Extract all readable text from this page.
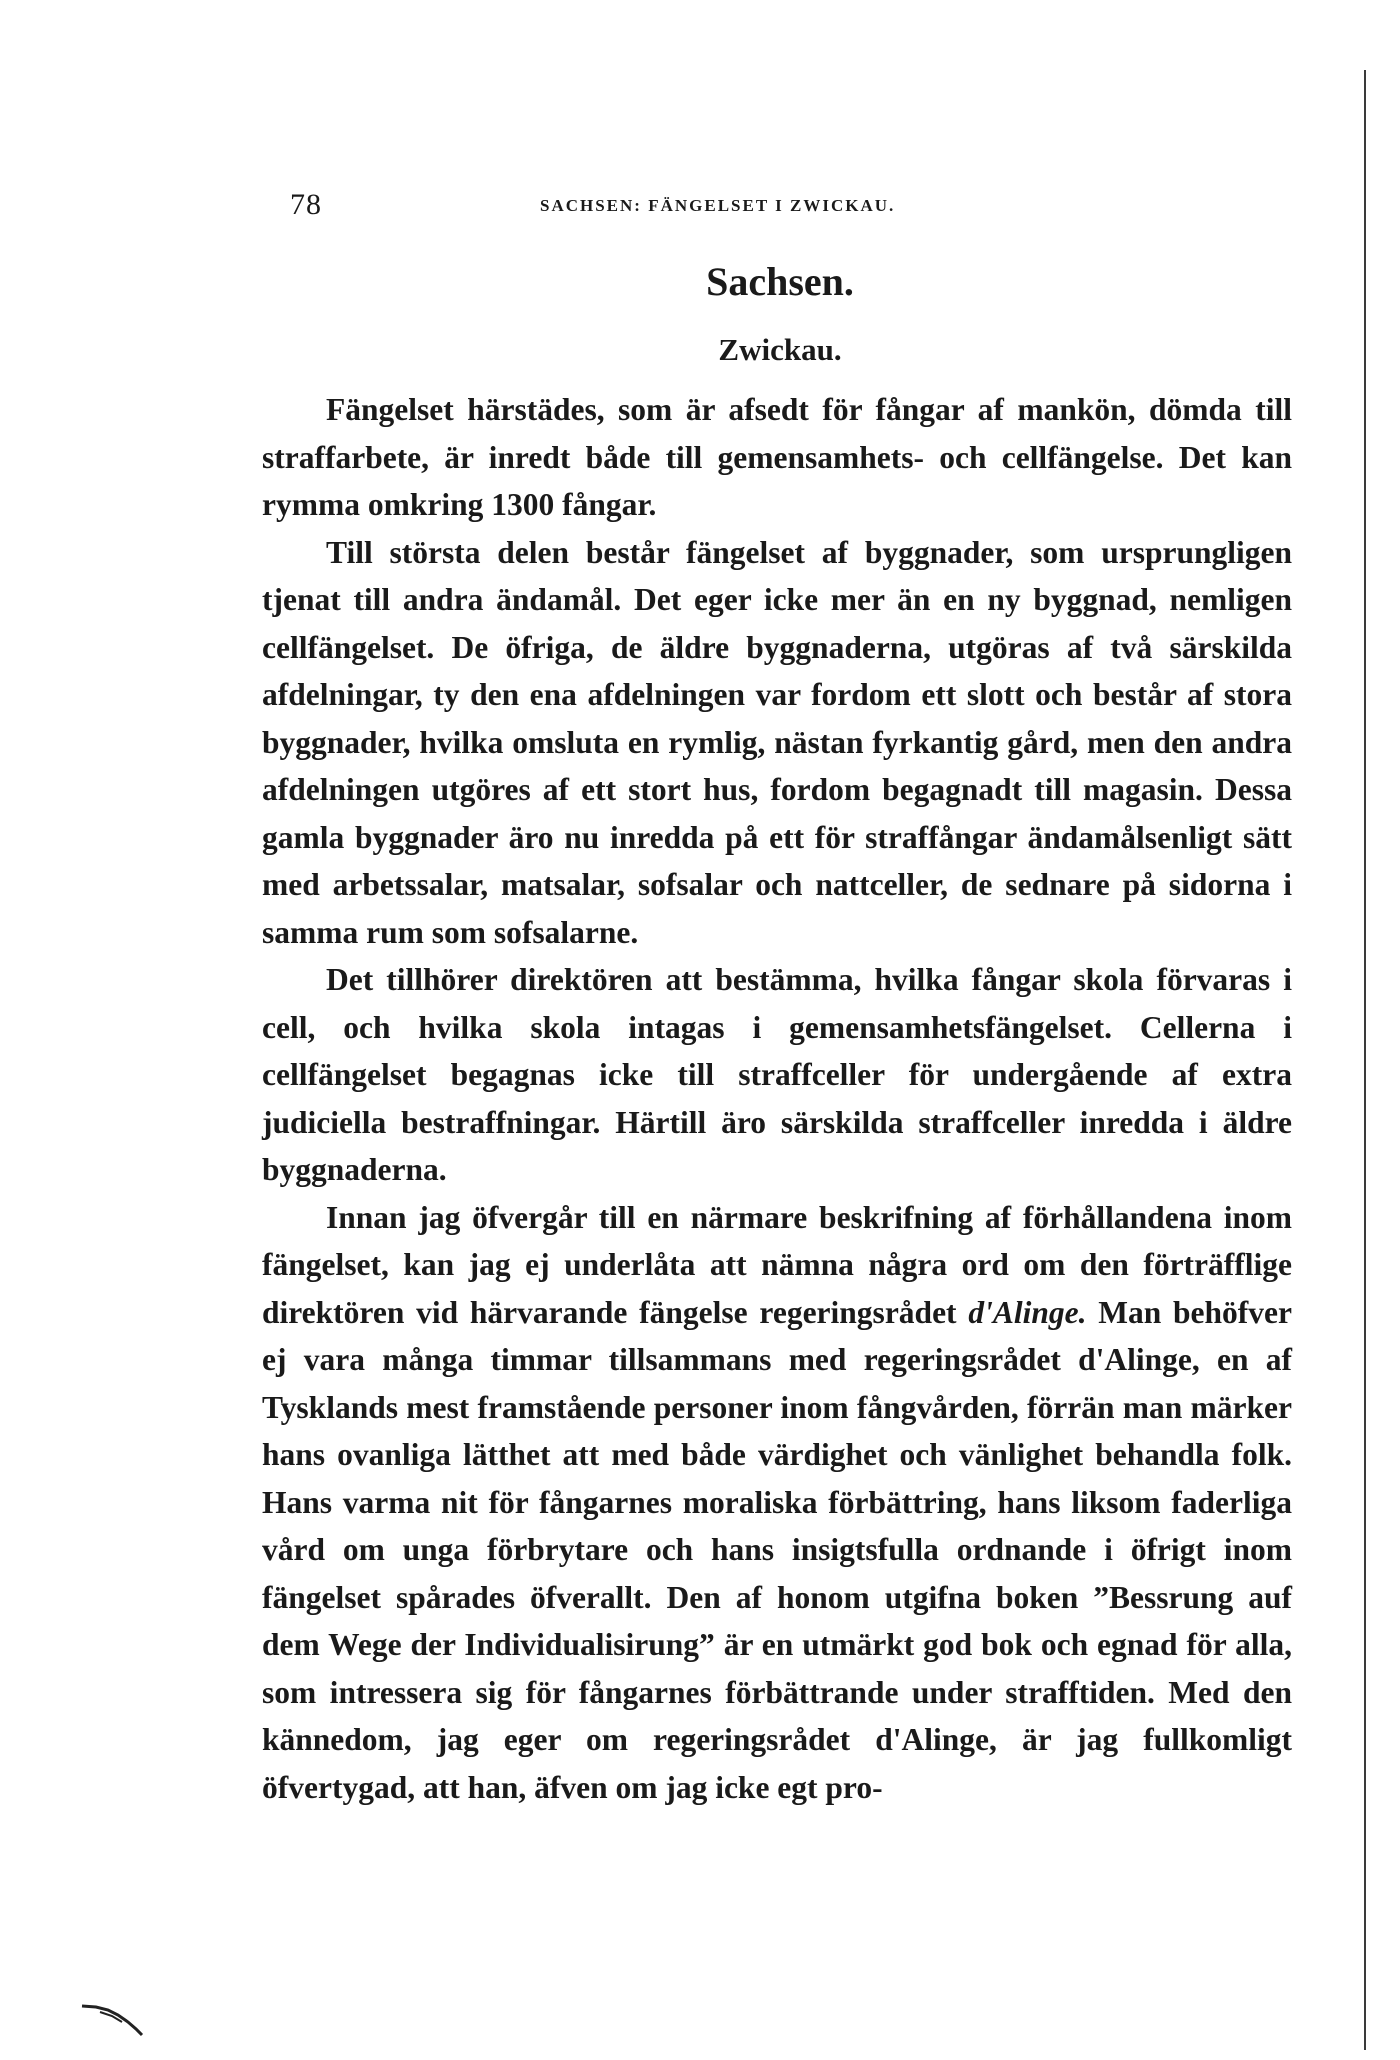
78	SACHSEN: FÄNGELSET I ZWICKAU.
Sachsen.
Zwickau.

Fängelset härstädes, som är afsedt för fångar af mankön, dömda till straffarbete, är inredt både till gemensamhets- och cellfängelse. Det kan rymma omkring 1300 fångar.

Till största delen består fängelset af byggnader, som ursprungligen tjenat till andra ändamål. Det eger icke mer än en ny byggnad, nemligen cellfängelset. De öfriga, de äldre byggnaderna, utgöras af två särskilda afdelningar, ty den ena afdelningen var fordom ett slott och består af stora byggnader, hvilka omsluta en rymlig, nästan fyrkantig gård, men den andra afdelningen utgöres af ett stort hus, fordom begagnadt till magasin. Dessa gamla byggnader äro nu inredda på ett för straffångar ändamålsenligt sätt med arbetssalar, matsalar, sofsalar och nattceller, de sednare på sidorna i samma rum som sofsalarne.

Det tillhörer direktören att bestämma, hvilka fångar skola förvaras i cell, och hvilka skola intagas i gemensamhetsfängelset. Cellerna i cellfängelset begagnas icke till straffceller för undergående af extra judiciella bestraffningar. Härtill äro särskilda straffceller inredda i äldre byggnaderna.

Innan jag öfvergår till en närmare beskrifning af förhållandena inom fängelset, kan jag ej underlåta att nämna några ord om den förträfflige direktören vid härvarande fängelse regeringsrådet d'Alinge. Man behöfver ej vara många timmar tillsammans med regeringsrådet d'Alinge, en af Tysklands mest framstående personer inom fångvården, förrän man märker hans ovanliga lätthet att med både värdighet och vänlighet behandla folk. Hans varma nit för fångarnes moraliska förbättring, hans liksom faderliga vård om unga förbrytare och hans insigtsfulla ordnande i öfrigt inom fängelset spårades öfverallt. Den af honom utgifna boken ”Bessrung auf dem Wege der Individualisirung” är en utmärkt god bok och egnad för alla, som intressera sig för fångarnes förbättrande under strafftiden. Med den kännedom, jag eger om regeringsrådet d'Alinge, är jag fullkomligt öfvertygad, att han, äfven om jag icke egt pro-
